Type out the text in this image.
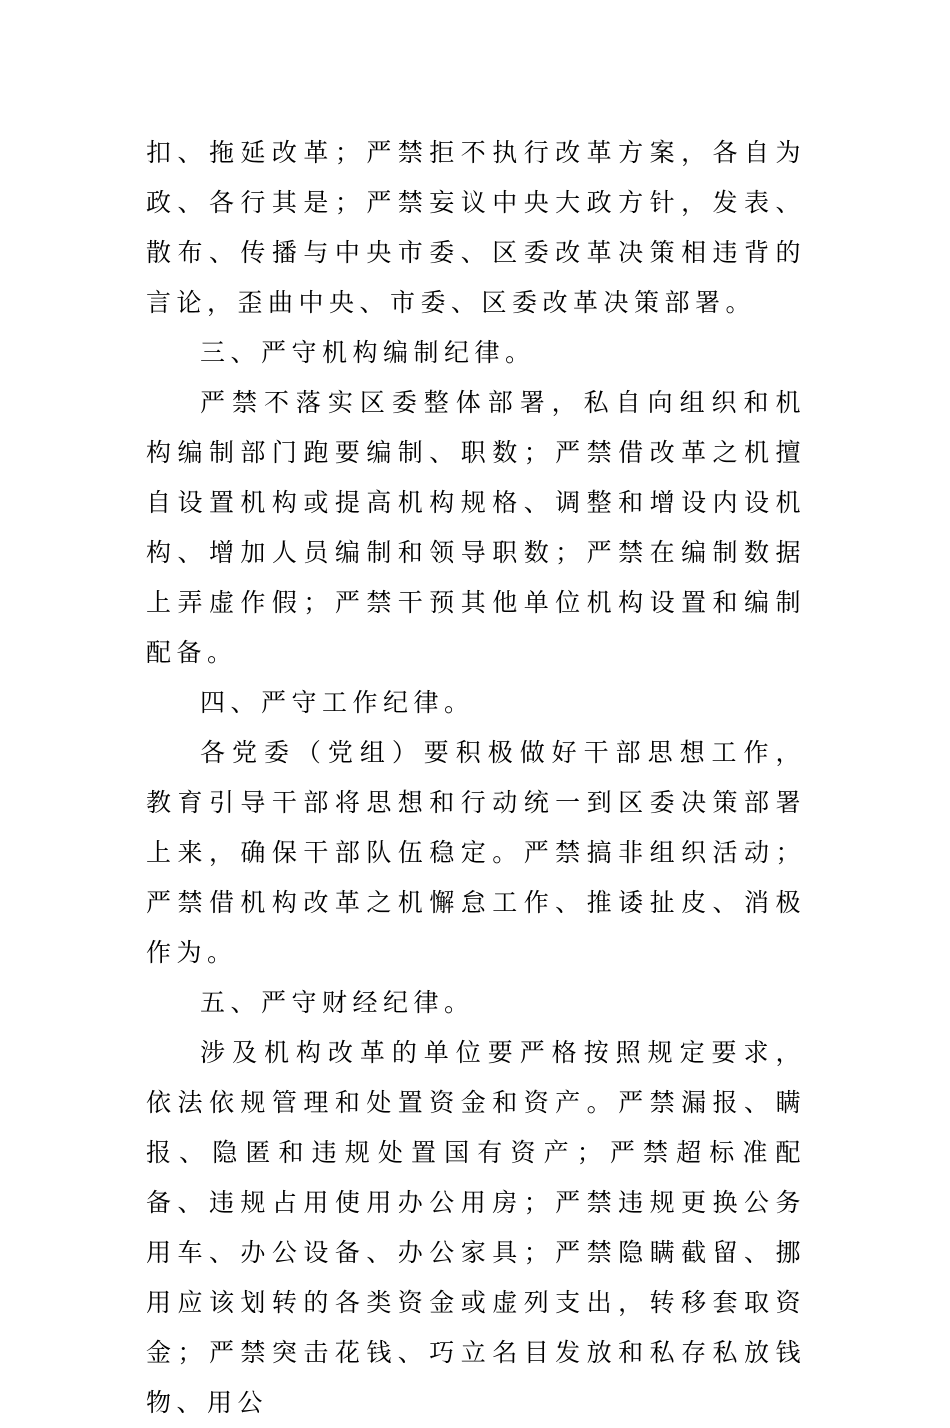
扣、拖延改革；严禁拒不执行改革方案，各自为政、各行其是；严禁妄议中央大政方针，发表、散布、传播与中央市委、区委改革决策相违背的言论，歪曲中央、市委、区委改革决策部署。

三、严守机构编制纪律。

严禁不落实区委整体部署，私自向组织和机构编制部门跑要编制、职数；严禁借改革之机擅自设置机构或提高机构规格、调整和增设内设机构、增加人员编制和领导职数；严禁在编制数据上弄虚作假；严禁干预其他单位机构设置和编制配备。

四、严守工作纪律。

各党委（党组）要积极做好干部思想工作，教育引导干部将思想和行动统一到区委决策部署上来，确保干部队伍稳定。严禁搞非组织活动；严禁借机构改革之机懈怠工作、推诿扯皮、消极作为。

五、严守财经纪律。

涉及机构改革的单位要严格按照规定要求，依法依规管理和处置资金和资产。严禁漏报、瞒报、隐匿和违规处置国有资产；严禁超标准配备、违规占用使用办公用房；严禁违规更换公务用车、办公设备、办公家具；严禁隐瞒截留、挪用应该划转的各类资金或虚列支出，转移套取资金；严禁突击花钱、巧立名目发放和私存私放钱物、用公
